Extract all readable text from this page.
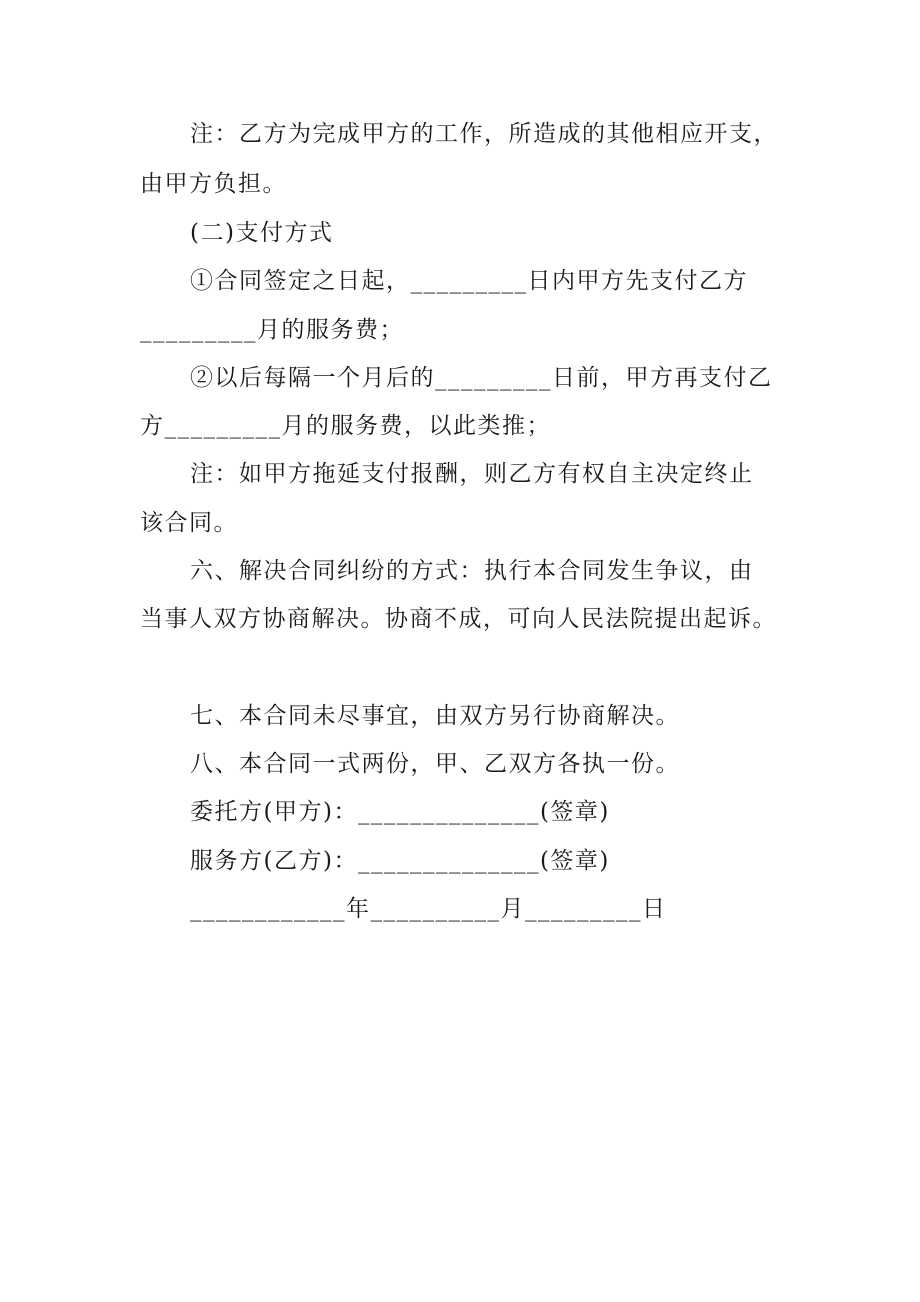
注：乙方为完成甲方的工作，所造成的其他相应开支，
由甲方负担。
(二)支付方式
①合同签定之日起，_________日内甲方先支付乙方
_________月的服务费；
②以后每隔一个月后的_________日前，甲方再支付乙
方_________月的服务费，以此类推；
注：如甲方拖延支付报酬，则乙方有权自主决定终止
该合同。
六、解决合同纠纷的方式：执行本合同发生争议，由
当事人双方协商解决。协商不成，可向人民法院提出起诉。
七、本合同未尽事宜，由双方另行协商解决。
八、本合同一式两份，甲、乙双方各执一份。
委托方(甲方)：______________(签章)
服务方(乙方)：______________(签章)
____________年__________月_________日
